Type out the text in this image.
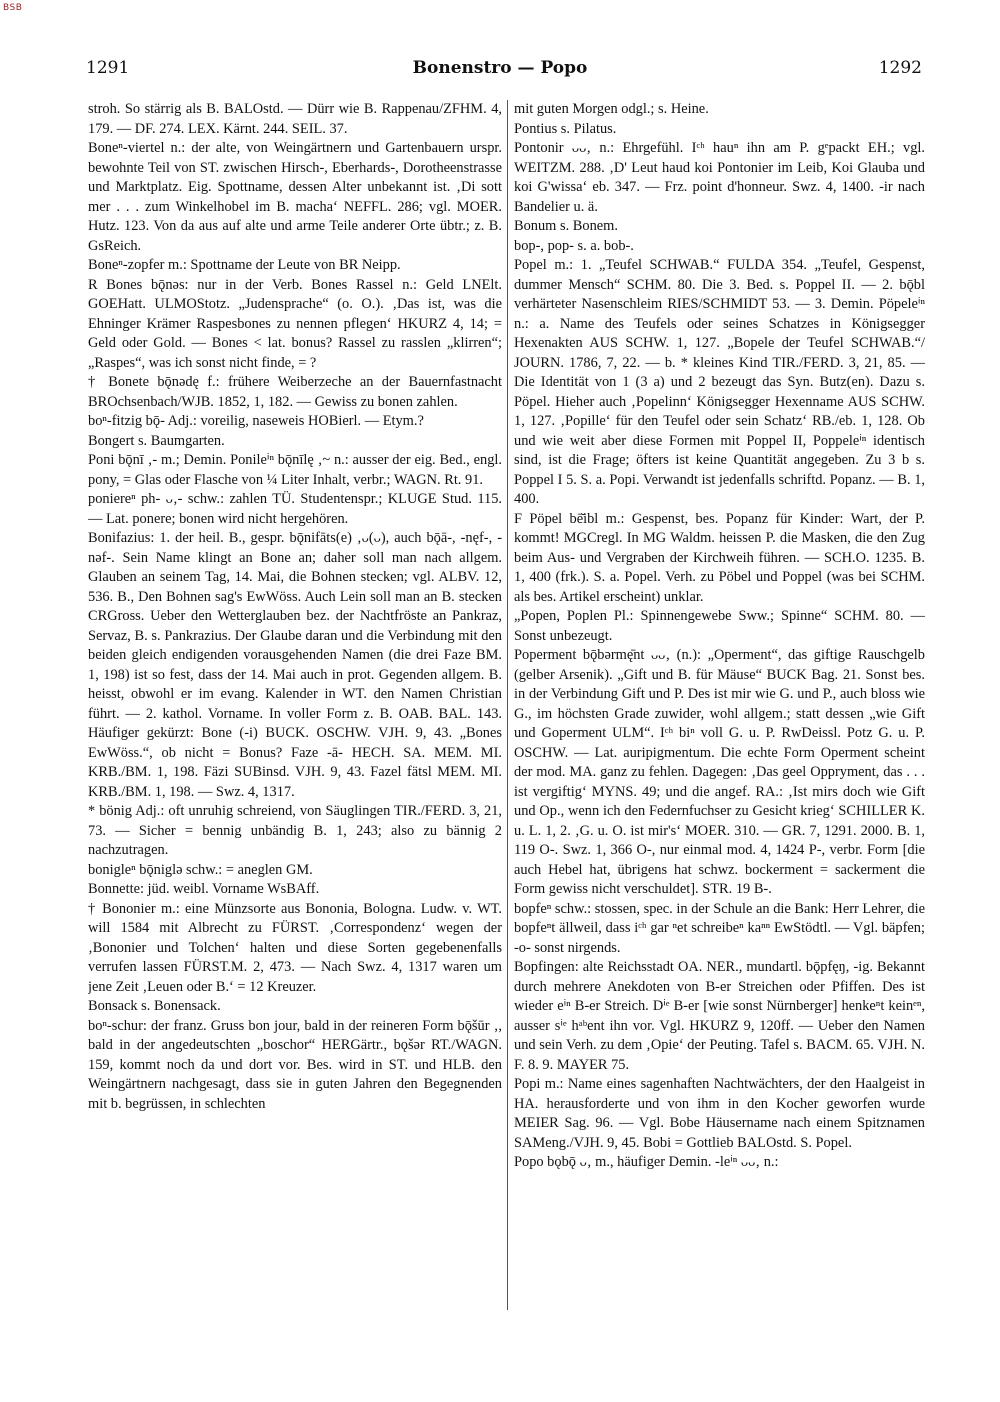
BSB
1291	Bonenstro — Popo	1292

stroh. So stärrig als B. BALOstd. — Dürr wie B. Rappenau/ZFHM. 4, 179. — DF. 274. LEX. Kärnt. 244. SEIL. 37.

Boneⁿ-viertel n.: der alte, von Weingärtnern und Gartenbauern urspr. bewohnte Teil von ST. zwischen Hirsch-, Eberhards-, Dorotheenstrasse und Marktplatz. Eig. Spottname, dessen Alter unbekannt ist. ‚Di sott mer . . . zum Winkelhobel im B. macha‘ NEFFL. 286; vgl. MOER. Hutz. 123. Von da aus auf alte und arme Teile anderer Orte übtr.; z. B. GsReich.

Boneⁿ-zopfer m.: Spottname der Leute von BR Neipp.

R Bones bǭnəs: nur in der Verb. Bones Rassel n.: Geld LNElt. GOEHatt. ULMOStotz. „Judensprache“ (o. O.). ‚Das ist, was die Ehninger Krämer Raspesbones zu nennen pflegen‘ HKURZ 4, 14; = Geld oder Gold. — Bones < lat. bonus? Rassel zu rasslen „klirren“; „Raspes“, was ich sonst nicht finde, = ?

† Bonete bǭnədę f.: frühere Weiberzeche an der Bauernfastnacht BROchsenbach/WJB. 1852, 1, 182. — Gewiss zu bonen zahlen.

boⁿ-fitzig bǭ- Adj.: voreilig, naseweis HOBierl. — Etym.?

Bongert s. Baumgarten.

Poni bǭnī ‚- m.; Demin. Ponileⁱⁿ bǭnīlę ‚~ n.: ausser der eig. Bed., engl. pony, = Glas oder Flasche von ¼ Liter Inhalt, verbr.; WAGN. Rt. 91.

poniereⁿ ph- ᴗ‚- schw.: zahlen TÜ. Studentenspr.; KLUGE Stud. 115. — Lat. ponere; bonen wird nicht hergehören.

Bonifazius: 1. der heil. B., gespr. bǭnifāts(e) ‚ᴗ(ᴗ), auch bǭā-, -nęf-, -nəf-. Sein Name klingt an Bone an; daher soll man nach allgem. Glauben an seinem Tag, 14. Mai, die Bohnen stecken; vgl. ALBV. 12, 536. B., Den Bohnen sag's EwWöss. Auch Lein soll man an B. stecken CRGross. Ueber den Wetterglauben bez. der Nachtfröste an Pankraz, Servaz, B. s. Pankrazius. Der Glaube daran und die Verbindung mit den beiden gleich endigenden vorausgehenden Namen (die drei Faze BM. 1, 198) ist so fest, dass der 14. Mai auch in prot. Gegenden allgem. B. heisst, obwohl er im evang. Kalender in WT. den Namen Christian führt. — 2. kathol. Vorname. In voller Form z. B. OAB. BAL. 143. Häufiger gekürzt: Bone (-i) BUCK. OSCHW. VJH. 9, 43. „Bones EwWöss.“, ob nicht = Bonus? Faze -ā- HECH. SA. MEM. MI. KRB./BM. 1, 198. Fäzi SUBinsd. VJH. 9, 43. Fazel fätsl MEM. MI. KRB./BM. 1, 198. — Swz. 4, 1317.

* bönig Adj.: oft unruhig schreiend, von Säuglingen TIR./FERD. 3, 21, 73. — Sicher = bennig unbändig B. 1, 243; also zu bännig 2 nachzutragen.

bonigleⁿ bǭniglə schw.: = aneglen GM.

Bonnette: jüd. weibl. Vorname WsBAff.

† Bononier m.: eine Münzsorte aus Bononia, Bologna. Ludw. v. WT. will 1584 mit Albrecht zu FÜRST. ‚Correspondenz‘ wegen der ‚Bononier und Tolchen‘ halten und diese Sorten gegebenenfalls verrufen lassen FÜRST.M. 2, 473. — Nach Swz. 4, 1317 waren um jene Zeit ‚Leuen oder B.‘ = 12 Kreuzer.

Bonsack s. Bonensack.

boⁿ-schur: der franz. Gruss bon jour, bald in der reineren Form bǭšūr ‚, bald in der angedeutschten „boschor“ HERGärtr., bǫšər RT./WAGN. 159, kommt noch da und dort vor. Bes. wird in ST. und HLB. den Weingärtnern nachgesagt, dass sie in guten Jahren den Begegnenden mit b. begrüssen, in schlechten

mit guten Morgen odgl.; s. Heine.

Pontius s. Pilatus.

Pontonir ᴗᴗ‚ n.: Ehrgefühl. Iᶜʰ hauⁿ ihn am P. gᵉpackt EH.; vgl. WEITZM. 288. ‚D' Leut haud koi Pontonier im Leib, Koi Glauba und koi G'wissa‘ eb. 347. — Frz. point d'honneur. Swz. 4, 1400. -ir nach Bandelier u. ä.

Bonum s. Bonem.

bop-, pop- s. a. bob-.

Popel m.: 1. „Teufel SCHWAB.“ FULDA 354. „Teufel, Gespenst, dummer Mensch“ SCHM. 80. Die 3. Bed. s. Poppel II. — 2. bǭbl verhärteter Nasenschleim RIES/SCHMIDT 53. — 3. Demin. Pöpeleⁱⁿ n.: a. Name des Teufels oder seines Schatzes in Königsegger Hexenakten AUS SCHW. 1, 127. „Bopele der Teufel SCHWAB.“/ JOURN. 1786, 7, 22. — b. * kleines Kind TIR./FERD. 3, 21, 85. — Die Identität von 1 (3 a) und 2 bezeugt das Syn. Butz(en). Dazu s. Pöpel. Hieher auch ‚Popelinn‘ Königsegger Hexenname AUS SCHW. 1, 127. ‚Popille‘ für den Teufel oder sein Schatz‘ RB./eb. 1, 128. Ob und wie weit aber diese Formen mit Poppel II, Poppeleⁱⁿ identisch sind, ist die Frage; öfters ist keine Quantität angegeben. Zu 3 b s. Poppel I 5. S. a. Popi. Verwandt ist jedenfalls schriftd. Popanz. — B. 1, 400.

F Pöpel bē̆ibl m.: Gespenst, bes. Popanz für Kinder: Wart, der P. kommt! MGCregl. In MG Waldm. heissen P. die Masken, die den Zug beim Aus- und Vergraben der Kirchweih führen. — SCH.O. 1235. B. 1, 400 (frk.). S. a. Popel. Verh. zu Pöbel und Poppel (was bei SCHM. als bes. Artikel erscheint) unklar.

„Popen, Poplen Pl.: Spinnengewebe Sww.; Spinne“ SCHM. 80. — Sonst unbezeugt.

Poperment bǭbərmę̄nt ᴗᴗ‚ (n.): „Operment“, das giftige Rauschgelb (gelber Arsenik). „Gift und B. für Mäuse“ BUCK Bag. 21. Sonst bes. in der Verbindung Gift und P. Des ist mir wie G. und P., auch bloss wie G., im höchsten Grade zuwider, wohl allgem.; statt dessen „wie Gift und Goperment ULM“. Iᶜʰ biⁿ voll G. u. P. RwDeissl. Potz G. u. P. OSCHW. — Lat. auripigmentum. Die echte Form Operment scheint der mod. MA. ganz zu fehlen. Dagegen: ‚Das geel Oppryment, das . . . ist vergiftig‘ MYNS. 49; und die angef. RA.: ‚Ist mirs doch wie Gift und Op., wenn ich den Federnfuchser zu Gesicht krieg‘ SCHILLER K. u. L. 1, 2. ‚G. u. O. ist mir's‘ MOER. 310. — GR. 7, 1291. 2000. B. 1, 119 O-. Swz. 1, 366 O-, nur einmal mod. 4, 1424 P-, verbr. Form [die auch Hebel hat, übrigens hat schwz. bockerment = sackerment die Form gewiss nicht verschuldet]. STR. 19 B-.

bopfeⁿ schw.: stossen, spec. in der Schule an die Bank: Herr Lehrer, die bopfeⁿt ällweil, dass iᶜʰ gar ⁿet schreibeⁿ kaⁿⁿ EwStödtl. — Vgl. bäpfen; -o- sonst nirgends.

Bopfingen: alte Reichsstadt OA. NER., mundartl. bǭpfęŋ, -ig. Bekannt durch mehrere Anekdoten von B-er Streichen oder Pfiffen. Des ist wieder eⁱⁿ B-er Streich. Dⁱᵉ B-er [wie sonst Nürnberger] henkeⁿt keinᵉⁿ, ausser sⁱᵉ hᵃᵇent ihn vor. Vgl. HKURZ 9, 120ff. — Ueber den Namen und sein Verh. zu dem ‚Opie‘ der Peuting. Tafel s. BACM. 65. VJH. N. F. 8. 9. MAYER 75.

Popi m.: Name eines sagenhaften Nachtwächters, der den Haalgeist in HA. herausforderte und von ihm in den Kocher geworfen wurde MEIER Sag. 96. — Vgl. Bobe Häusername nach einem Spitznamen SAMeng./VJH. 9, 45. Bobi = Gottlieb BALOstd. S. Popel.

Popo bǫbǭ ᴗ‚ m., häufiger Demin. -leⁱⁿ ᴗᴗ‚ n.:
